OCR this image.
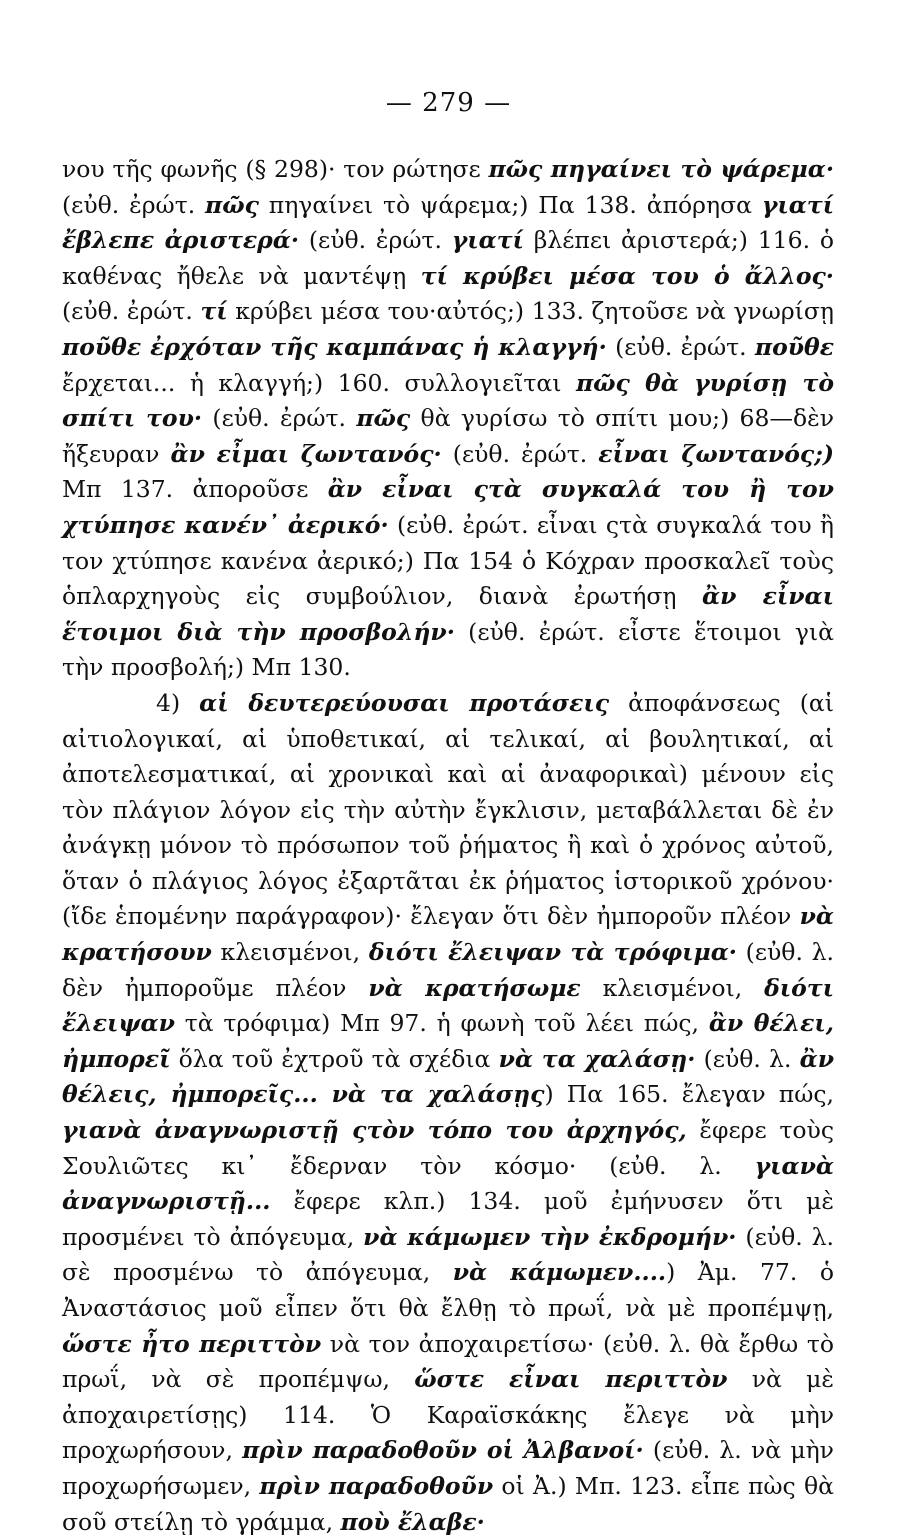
— 279 —

νου τῆς φωνῆς (§ 298)· τον ρώτησε πῶς πηγαίνει τὸ ψάρεμα· (εὐθ. ἐρώτ. πῶς πηγαίνει τὸ ψάρεμα;) Πα 138. ἀπόρησα γιατί ἔβλεπε ἀριστερά· (εὐθ. ἐρώτ. γιατί βλέπει ἀριστερά;) 116. ὁ καθένας ἤθελε νὰ μαντέψῃ τί κρύβει μέσα του ὁ ἄλλος· (εὐθ. ἐρώτ. τί κρύβει μέσα του·αὐτός;) 133. ζητοῦσε νὰ γνωρίσῃ ποῦθε ἐρχόταν τῆς καμπάνας ἡ κλαγγή· (εὐθ. ἐρώτ. ποῦθε ἔρχεται... ἡ κλαγγή;) 160. συλλογιεῖται πῶς θὰ γυρίσῃ τὸ σπίτι του· (εὐθ. ἐρώτ. πῶς θὰ γυρίσω τὸ σπίτι μου;) 68—δὲν ἤξευραν ἂν εἶμαι ζωντανός· (εὐθ. ἐρώτ. εἶναι ζωντανός;) Μπ 137. ἀποροῦσε ἂν εἶναι ςτὰ συγκαλά του ἢ τον χτύπησε κανέν᾽ ἀερικό· (εὐθ. ἐρώτ. εἶναι ςτὰ συγκαλά του ἢ τον χτύπησε κανένα ἀερικό;) Πα 154 ὁ Κόχραν προσκαλεῖ τοὺς ὁπλαρχηγοὺς εἰς συμβούλιον, διανὰ ἐρωτήσῃ ἂν εἶναι ἕτοιμοι διὰ τὴν προσβολήν· (εὐθ. ἐρώτ. εἶστε ἕτοιμοι γιὰ τὴν προσβολή;) Μπ 130.

4) αἱ δευτερεύουσαι προτάσεις ἀποφάνσεως (αἱ αἰτιολογικαί, αἱ ὑποθετικαί, αἱ τελικαί, αἱ βουλητικαί, αἱ ἀποτελεσματικαί, αἱ χρονικαὶ καὶ αἱ ἀναφορικαὶ) μένουν εἰς τὸν πλάγιον λόγον εἰς τὴν αὐτὴν ἔγκλισιν, μεταβάλλεται δὲ ἐν ἀνάγκῃ μόνον τὸ πρόσωπον τοῦ ῥήματος ἢ καὶ ὁ χρόνος αὐτοῦ, ὅταν ὁ πλάγιος λόγος ἐξαρτᾶται ἐκ ῥήματος ἱστορικοῦ χρόνου· (ἴδε ἑπομένην παράγραφον)· ἔλεγαν ὅτι δὲν ἠμποροῦν πλέον νὰ κρατήσουν κλεισμένοι, διότι ἔλειψαν τὰ τρόφιμα· (εὐθ. λ. δὲν ἠμποροῦμε πλέον νὰ κρατήσωμε κλεισμένοι, διότι ἔλειψαν τὰ τρόφιμα) Μπ 97. ἡ φωνὴ τοῦ λέει πώς, ἂν θέλει, ἠμπορεῖ ὅλα τοῦ ἐχτροῦ τὰ σχέδια νὰ τα χαλάσῃ· (εὐθ. λ. ἂν θέλεις, ἠμπορεῖς... νὰ τα χαλάσῃς) Πα 165. ἔλεγαν πώς, γιανὰ ἀναγνωριστῇ ςτὸν τόπο του ἀρχηγός, ἔφερε τοὺς Σουλιῶτες κι᾽ ἔδερναν τὸν κόσμο· (εὐθ. λ. γιανὰ ἀναγνωριστῇ... ἔφερε κλπ.) 134. μοῦ ἐμήνυσεν ὅτι μὲ προσμένει τὸ ἀπόγευμα, νὰ κάμωμεν τὴν ἐκδρομήν· (εὐθ. λ. σὲ προσμένω τὸ ἀπόγευμα, νὰ κάμωμεν....) Ἀμ. 77. ὁ Ἀναστάσιος μοῦ εἶπεν ὅτι θὰ ἔλθῃ τὸ πρωΐ, νὰ μὲ προπέμψῃ, ὥστε ἦτο περιττὸν νὰ τον ἀποχαιρετίσω· (εὐθ. λ. θὰ ἔρθω τὸ πρωΐ, νὰ σὲ προπέμψω, ὥστε εἶναι περιττὸν νὰ μὲ ἀποχαιρετίσῃς) 114. Ὁ Καραϊσκάκης ἔλεγε νὰ μὴν προχωρήσουν, πρὶν παραδοθοῦν οἱ Ἀλβανοί· (εὐθ. λ. νὰ μὴν προχωρήσωμεν, πρὶν παραδοθοῦν οἱ Ἀ.) Μπ. 123. εἶπε πὼς θὰ σοῦ στείλῃ τὸ γράμμα, ποὺ ἔλαβε·
